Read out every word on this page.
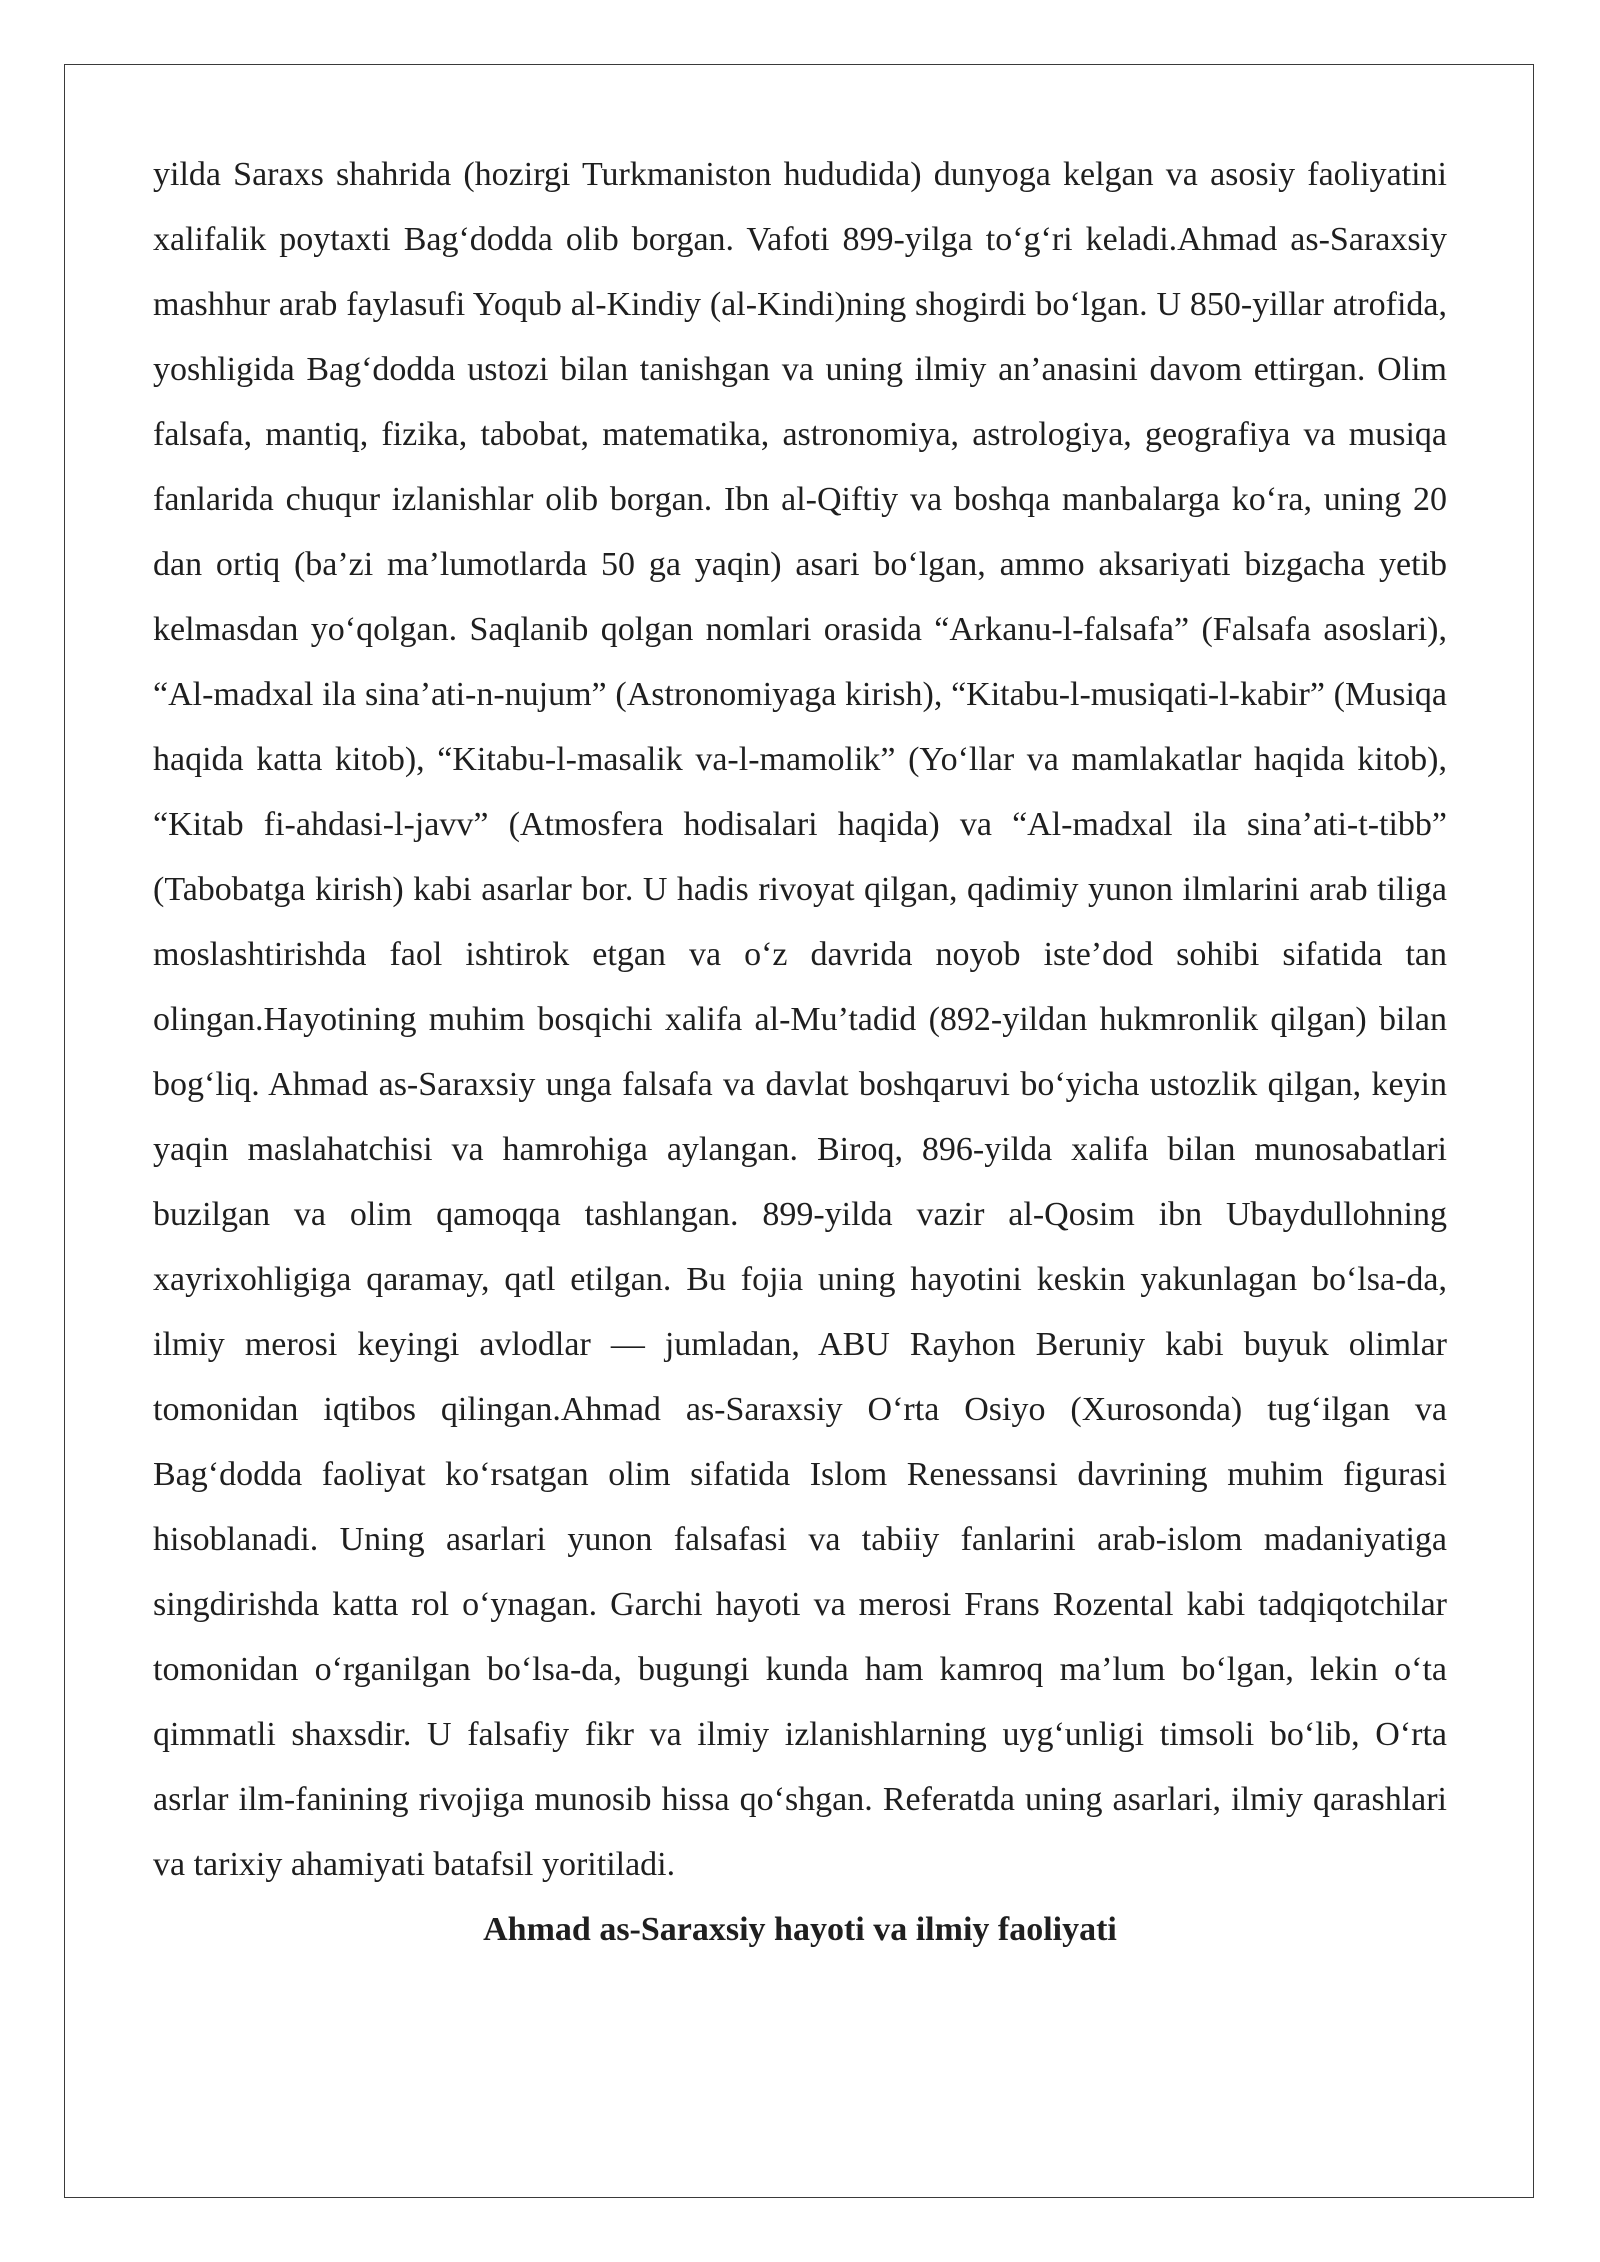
yilda Saraxs shahrida (hozirgi Turkmaniston hududida) dunyoga kelgan va asosiy faoliyatini xalifalik poytaxti Bag‘dodda olib borgan. Vafoti 899-yilga to‘g‘ri keladi.Ahmad as-Saraxsiy mashhur arab faylasufi Yoqub al-Kindiy (al-Kindi)ning shogirdi bo‘lgan. U 850-yillar atrofida, yoshligida Bag‘dodda ustozi bilan tanishgan va uning ilmiy an’anasini davom ettirgan. Olim falsafa, mantiq, fizika, tabobat, matematika, astronomiya, astrologiya, geografiya va musiqa fanlarida chuqur izlanishlar olib borgan. Ibn al-Qiftiy va boshqa manbalarga ko‘ra, uning 20 dan ortiq (ba’zi ma’lumotlarda 50 ga yaqin) asari bo‘lgan, ammo aksariyati bizgacha yetib kelmasdan yo‘qolgan. Saqlanib qolgan nomlari orasida “Arkanu-l-falsafa” (Falsafa asoslari), “Al-madxal ila sina’ati-n-nujum” (Astronomiyaga kirish), “Kitabu-l-musiqati-l-kabir” (Musiqa haqida katta kitob), “Kitabu-l-masalik va-l-mamolik” (Yo‘llar va mamlakatlar haqida kitob), “Kitab fi-ahdasi-l-javv” (Atmosfera hodisalari haqida) va “Al-madxal ila sina’ati-t-tibb” (Tabobatga kirish) kabi asarlar bor. U hadis rivoyat qilgan, qadimiy yunon ilmlarini arab tiliga moslashtirishda faol ishtirok etgan va o‘z davrida noyob iste’dod sohibi sifatida tan olingan.Hayotining muhim bosqichi xalifa al-Mu’tadid (892-yildan hukmronlik qilgan) bilan bog‘liq. Ahmad as-Saraxsiy unga falsafa va davlat boshqaruvi bo‘yicha ustozlik qilgan, keyin yaqin maslahatchisi va hamrohiga aylangan. Biroq, 896-yilda xalifa bilan munosabatlari buzilgan va olim qamoqqa tashlangan. 899-yilda vazir al-Qosim ibn Ubaydullohning xayrixohligiga qaramay, qatl etilgan. Bu fojia uning hayotini keskin yakunlagan bo‘lsa-da, ilmiy merosi keyingi avlodlar — jumladan, ABU Rayhon Beruniy kabi buyuk olimlar tomonidan iqtibos qilingan.Ahmad as-Saraxsiy O‘rta Osiyo (Xurosonda) tug‘ilgan va Bag‘dodda faoliyat ko‘rsatgan olim sifatida Islom Renessansi davrining muhim figurasi hisoblanadi. Uning asarlari yunon falsafasi va tabiiy fanlarini arab-islom madaniyatiga singdirishda katta rol o‘ynagan. Garchi hayoti va merosi Frans Rozental kabi tadqiqotchilar tomonidan o‘rganilgan bo‘lsa-da, bugungi kunda ham kamroq ma’lum bo‘lgan, lekin o‘ta qimmatli shaxsdir. U falsafiy fikr va ilmiy izlanishlarning uyg‘unligi timsoli bo‘lib, O‘rta asrlar ilm-fanining rivojiga munosib hissa qo‘shgan. Referatda uning asarlari, ilmiy qarashlari va tarixiy ahamiyati batafsil yoritiladi.

Ahmad as-Saraxsiy hayoti va ilmiy faoliyati
